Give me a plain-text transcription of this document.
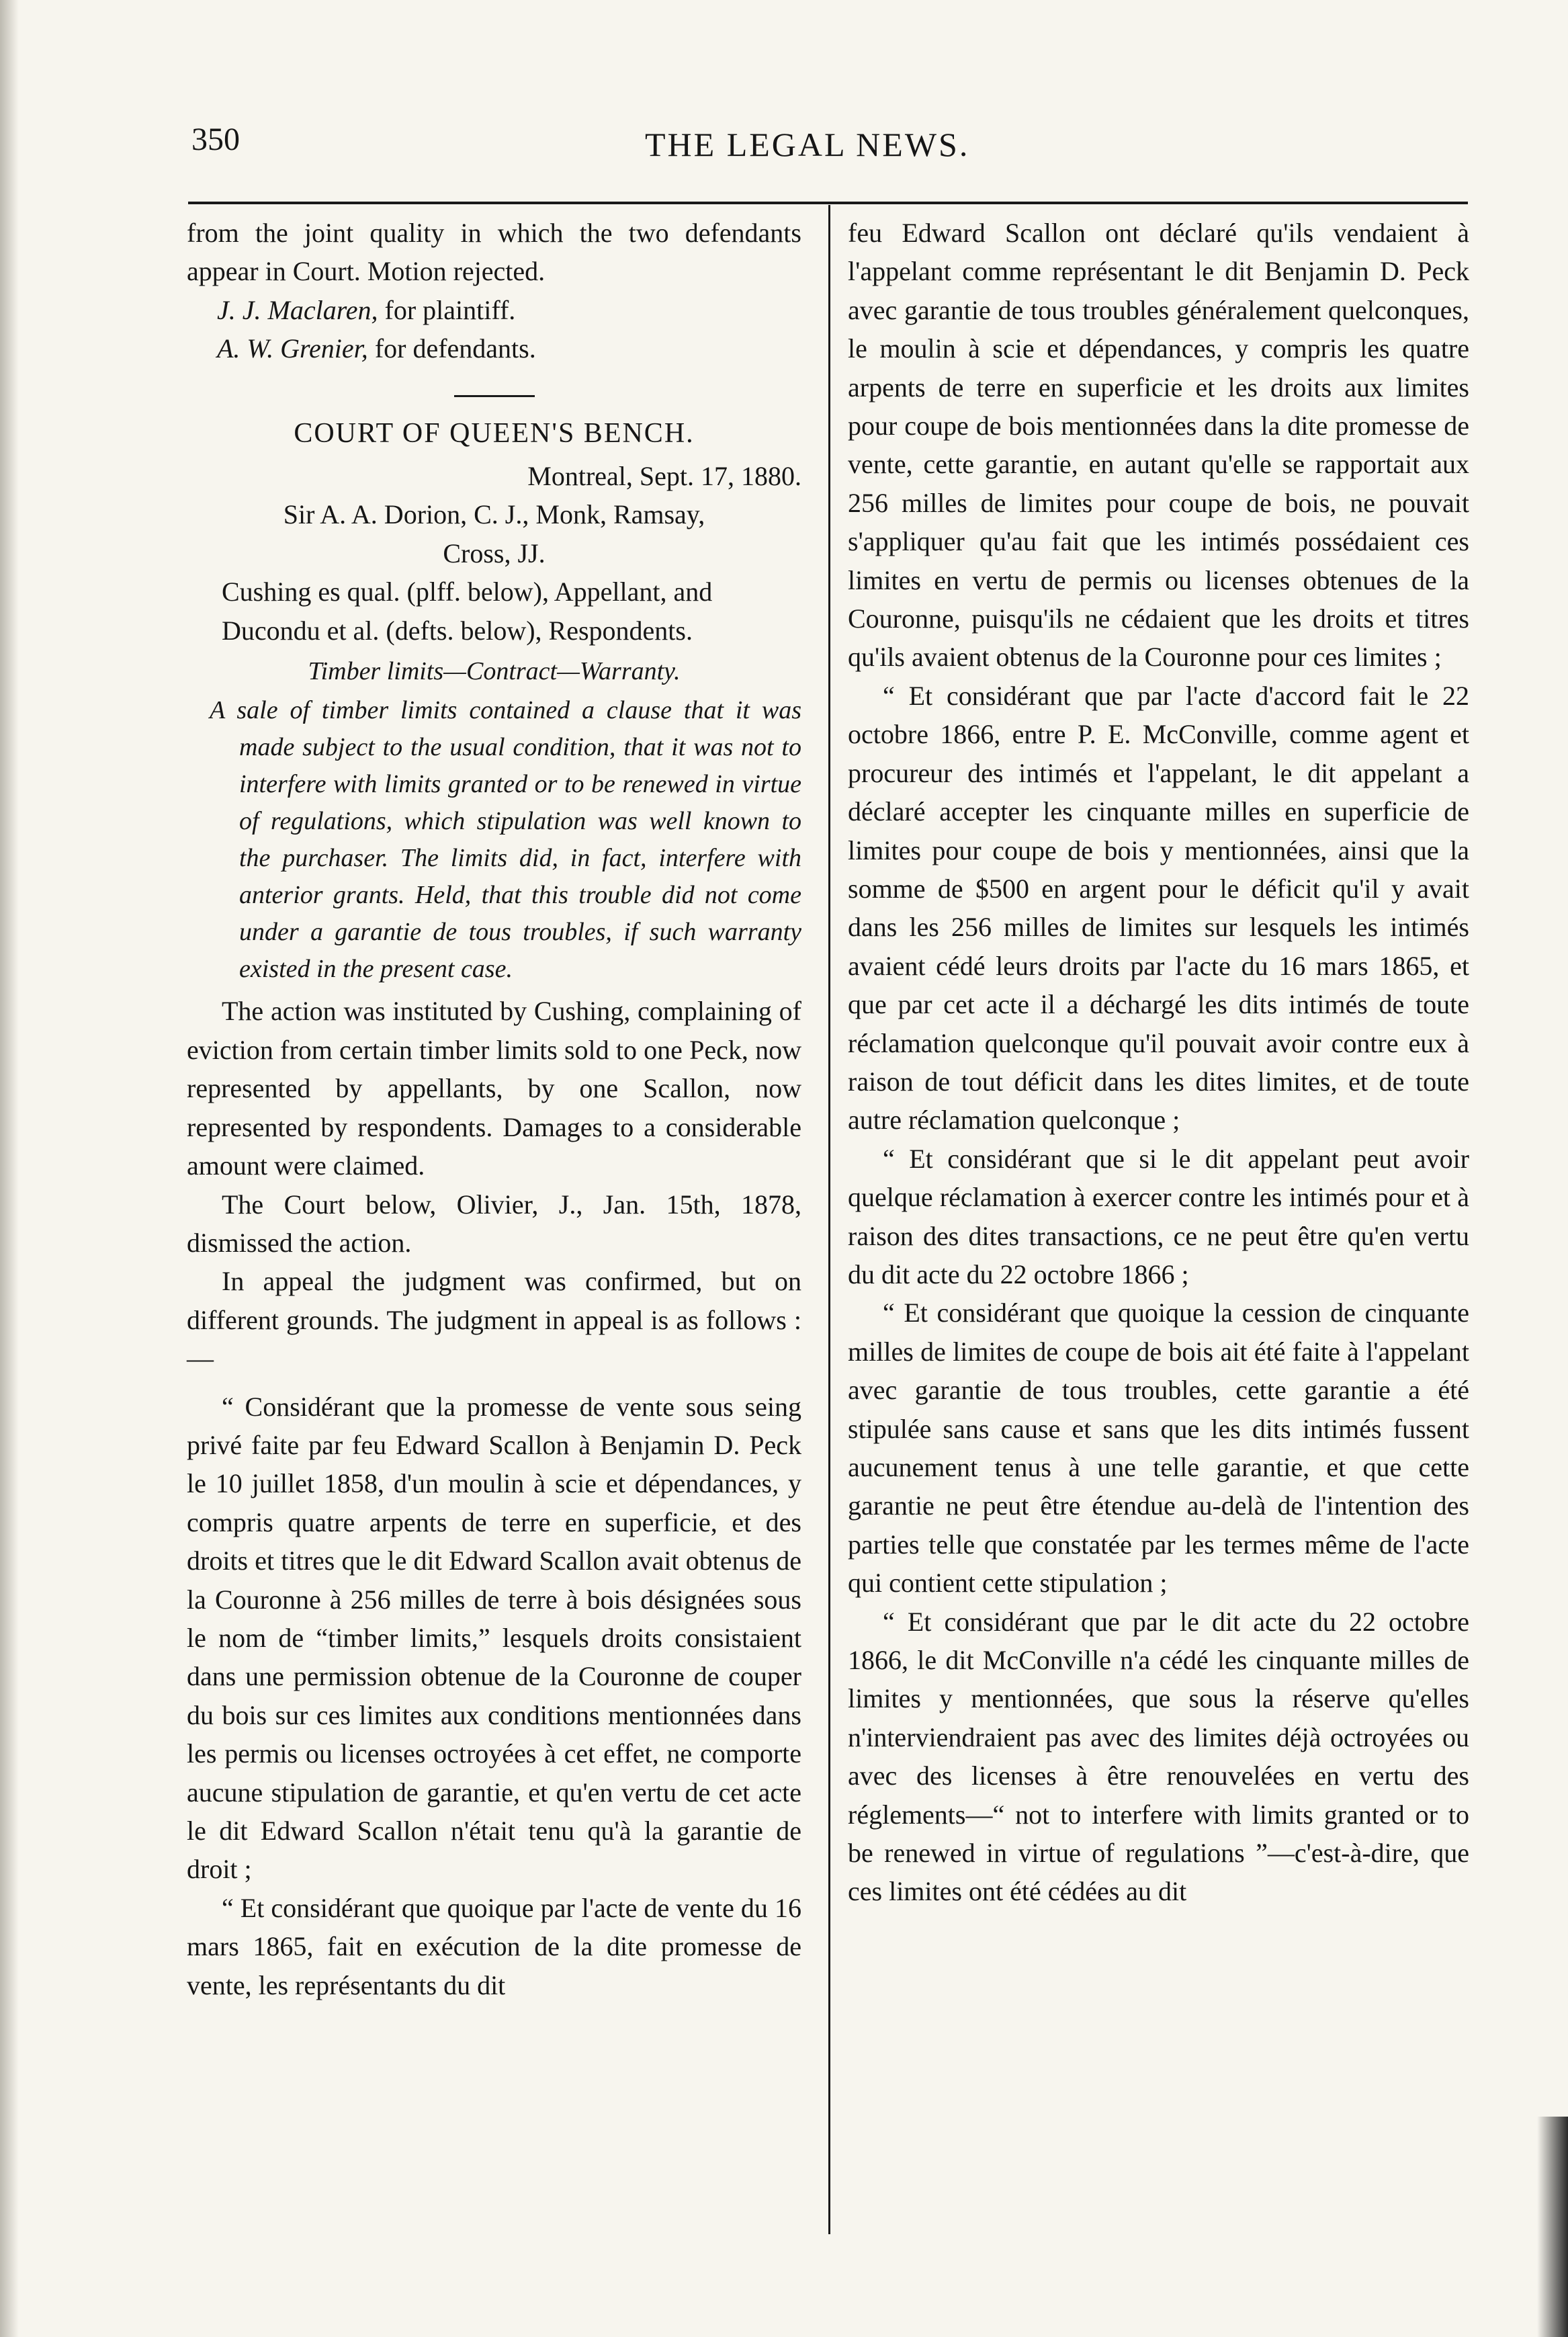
350	THE LEGAL NEWS.

from the joint quality in which the two defendants appear in Court. Motion rejected.

J. J. Maclaren, for plaintiff.

A. W. Grenier, for defendants.

COURT OF QUEEN'S BENCH.

Montreal, Sept. 17, 1880.

Sir A. A. Dorion, C. J., Monk, Ramsay,

Cross, JJ.

Cushing es qual. (plff. below), Appellant, and

Ducondu et al. (defts. below), Respondents.

Timber limits—Contract—Warranty.

A sale of timber limits contained a clause that it was made subject to the usual condition, that it was not to interfere with limits granted or to be renewed in virtue of regulations, which stipulation was well known to the purchaser. The limits did, in fact, interfere with anterior grants. Held, that this trouble did not come under a garantie de tous troubles, if such warranty existed in the present case.

The action was instituted by Cushing, complaining of eviction from certain timber limits sold to one Peck, now represented by appellants, by one Scallon, now represented by respondents. Damages to a considerable amount were claimed.

The Court below, Olivier, J., Jan. 15th, 1878, dismissed the action.

In appeal the judgment was confirmed, but on different grounds. The judgment in appeal is as follows :—

“ Considérant que la promesse de vente sous seing privé faite par feu Edward Scallon à Benjamin D. Peck le 10 juillet 1858, d'un moulin à scie et dépendances, y compris quatre arpents de terre en superficie, et des droits et titres que le dit Edward Scallon avait obtenus de la Couronne à 256 milles de terre à bois désignées sous le nom de “timber limits,” lesquels droits consistaient dans une permission obtenue de la Couronne de couper du bois sur ces limites aux conditions mentionnées dans les permis ou licenses octroyées à cet effet, ne comporte aucune stipulation de garantie, et qu'en vertu de cet acte le dit Edward Scallon n'était tenu qu'à la garantie de droit ;

“ Et considérant que quoique par l'acte de vente du 16 mars 1865, fait en exécution de la dite promesse de vente, les représentants du dit

feu Edward Scallon ont déclaré qu'ils vendaient à l'appelant comme représentant le dit Benjamin D. Peck avec garantie de tous troubles généralement quelconques, le moulin à scie et dépendances, y compris les quatre arpents de terre en superficie et les droits aux limites pour coupe de bois mentionnées dans la dite promesse de vente, cette garantie, en autant qu'elle se rapportait aux 256 milles de limites pour coupe de bois, ne pouvait s'appliquer qu'au fait que les intimés possédaient ces limites en vertu de permis ou licenses obtenues de la Couronne, puisqu'ils ne cédaient que les droits et titres qu'ils avaient obtenus de la Couronne pour ces limites ;

“ Et considérant que par l'acte d'accord fait le 22 octobre 1866, entre P. E. McConville, comme agent et procureur des intimés et l'appelant, le dit appelant a déclaré accepter les cinquante milles en superficie de limites pour coupe de bois y mentionnées, ainsi que la somme de $500 en argent pour le déficit qu'il y avait dans les 256 milles de limites sur lesquels les intimés avaient cédé leurs droits par l'acte du 16 mars 1865, et que par cet acte il a déchargé les dits intimés de toute réclamation quelconque qu'il pouvait avoir contre eux à raison de tout déficit dans les dites limites, et de toute autre réclamation quelconque ;

“ Et considérant que si le dit appelant peut avoir quelque réclamation à exercer contre les intimés pour et à raison des dites transactions, ce ne peut être qu'en vertu du dit acte du 22 octobre 1866 ;

“ Et considérant que quoique la cession de cinquante milles de limites de coupe de bois ait été faite à l'appelant avec garantie de tous troubles, cette garantie a été stipulée sans cause et sans que les dits intimés fussent aucunement tenus à une telle garantie, et que cette garantie ne peut être étendue au-delà de l'intention des parties telle que constatée par les termes même de l'acte qui contient cette stipulation ;

“ Et considérant que par le dit acte du 22 octobre 1866, le dit McConville n'a cédé les cinquante milles de limites y mentionnées, que sous la réserve qu'elles n'interviendraient pas avec des limites déjà octroyées ou avec des licenses à être renouvelées en vertu des réglements—“ not to interfere with limits granted or to be renewed in virtue of regulations ”—c'est-à-dire, que ces limites ont été cédées au dit
